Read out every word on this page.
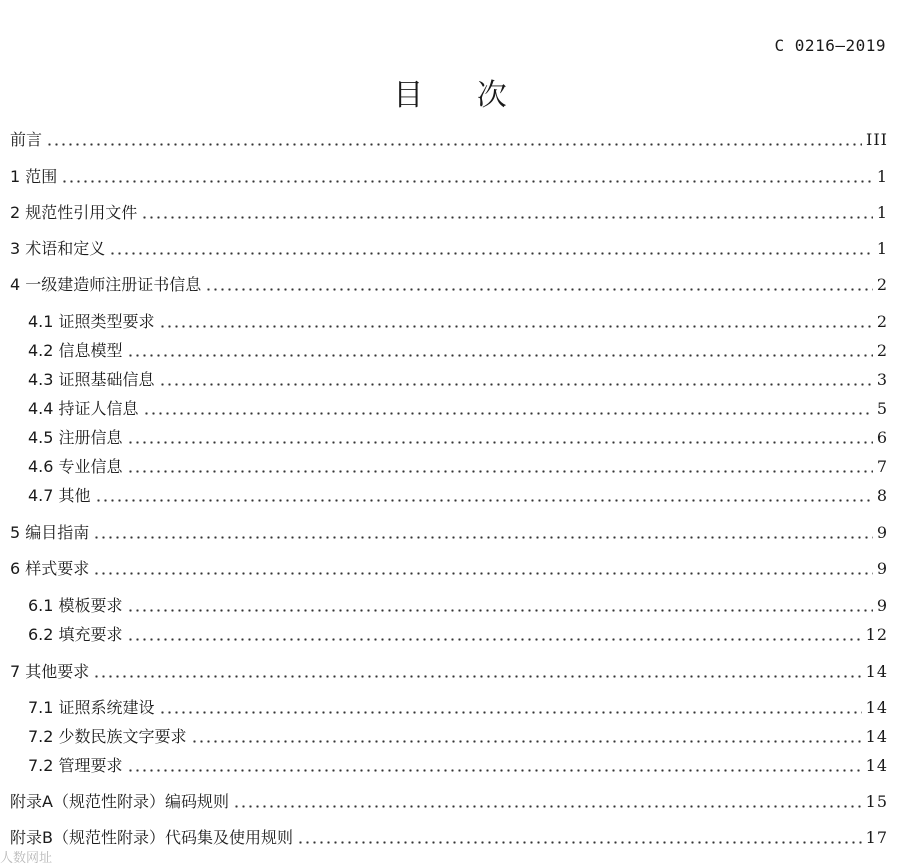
C 0216—2019
目 次
前言	III
1 范围	1
2 规范性引用文件	1
3 术语和定义	1
4 一级建造师注册证书信息	2
4.1 证照类型要求	2
4.2 信息模型	2
4.3 证照基础信息	3
4.4 持证人信息	5
4.5 注册信息	6
4.6 专业信息	7
4.7 其他	8
5 编目指南	9
6 样式要求	9
6.1 模板要求	9
6.2 填充要求	12
7 其他要求	14
7.1 证照系统建设	14
7.2 少数民族文字要求	14
7.2 管理要求	14
附录A（规范性附录）编码规则	15
附录B（规范性附录）代码集及使用规则	17
人数网址
